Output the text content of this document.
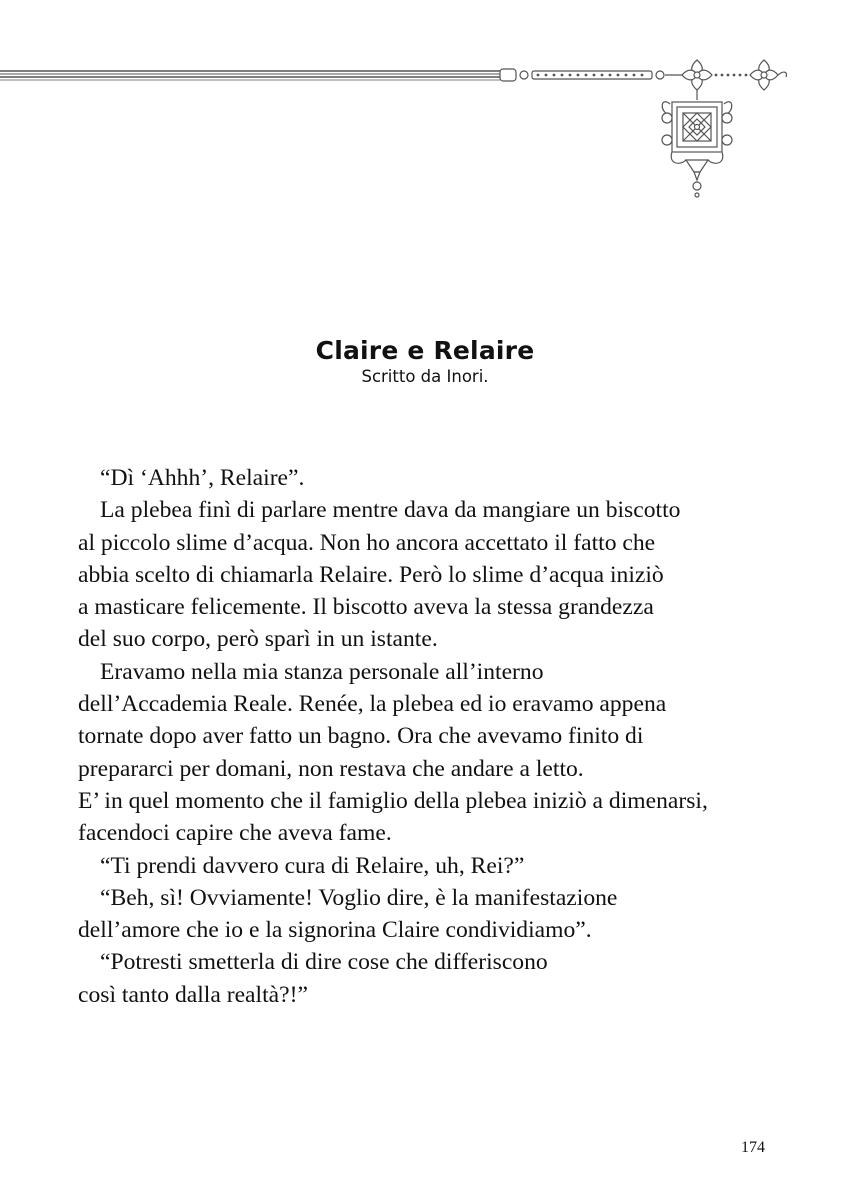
Claire e Relaire
Scritto da Inori.
“Dì ‘Ahhh’, Relaire”.
La plebea finì di parlare mentre dava da mangiare un biscotto
al piccolo slime d’acqua. Non ho ancora accettato il fatto che
abbia scelto di chiamarla Relaire. Però lo slime d’acqua iniziò
a masticare felicemente. Il biscotto aveva la stessa grandezza
del suo corpo, però sparì in un istante.
Eravamo nella mia stanza personale all’interno
dell’Accademia Reale. Renée, la plebea ed io eravamo appena
tornate dopo aver fatto un bagno. Ora che avevamo finito di
prepararci per domani, non restava che andare a letto.
E’ in quel momento che il famiglio della plebea iniziò a dimenarsi,
facendoci capire che aveva fame.
“Ti prendi davvero cura di Relaire, uh, Rei?”
“Beh, sì! Ovviamente! Voglio dire, è la manifestazione
dell’amore che io e la signorina Claire condividiamo”.
“Potresti smetterla di dire cose che differiscono
così tanto dalla realtà?!”
174
